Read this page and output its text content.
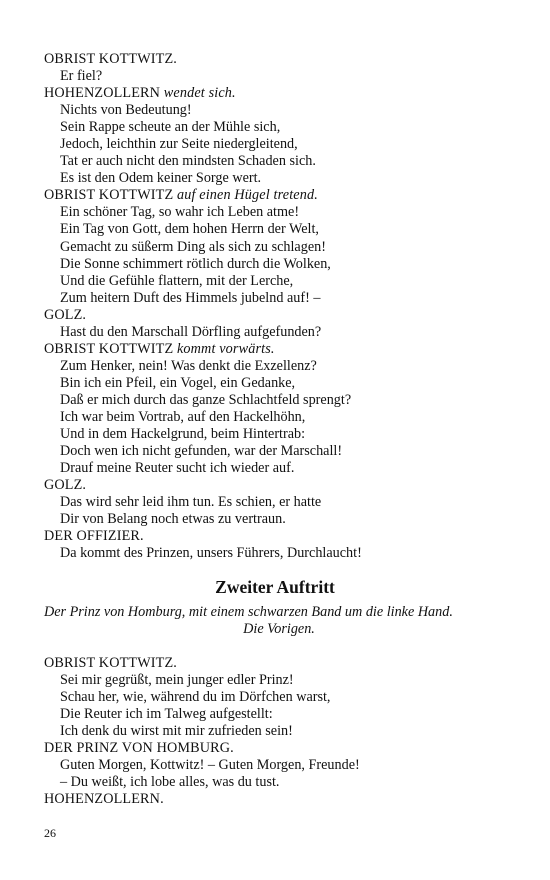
OBRIST KOTTWITZ.
Er fiel?
HOHENZOLLERN wendet sich.
Nichts von Bedeutung!
Sein Rappe scheute an der Mühle sich,
Jedoch, leichthin zur Seite niedergleitend,
Tat er auch nicht den mindsten Schaden sich.
Es ist den Odem keiner Sorge wert.
OBRIST KOTTWITZ auf einen Hügel tretend.
Ein schöner Tag, so wahr ich Leben atme!
Ein Tag von Gott, dem hohen Herrn der Welt,
Gemacht zu süßerm Ding als sich zu schlagen!
Die Sonne schimmert rötlich durch die Wolken,
Und die Gefühle flattern, mit der Lerche,
Zum heitern Duft des Himmels jubelnd auf! –
GOLZ.
Hast du den Marschall Dörfling aufgefunden?
OBRIST KOTTWITZ kommt vorwärts.
Zum Henker, nein! Was denkt die Exzellenz?
Bin ich ein Pfeil, ein Vogel, ein Gedanke,
Daß er mich durch das ganze Schlachtfeld sprengt?
Ich war beim Vortrab, auf den Hackelhöhn,
Und in dem Hackelgrund, beim Hintertrab:
Doch wen ich nicht gefunden, war der Marschall!
Drauf meine Reuter sucht ich wieder auf.
GOLZ.
Das wird sehr leid ihm tun. Es schien, er hatte
Dir von Belang noch etwas zu vertraun.
DER OFFIZIER.
Da kommt des Prinzen, unsers Führers, Durchlaucht!
Zweiter Auftritt
Der Prinz von Homburg, mit einem schwarzen Band um die linke Hand.
Die Vorigen.
OBRIST KOTTWITZ.
Sei mir gegrüßt, mein junger edler Prinz!
Schau her, wie, während du im Dörfchen warst,
Die Reuter ich im Talweg aufgestellt:
Ich denk du wirst mit mir zufrieden sein!
DER PRINZ VON HOMBURG.
Guten Morgen, Kottwitz! – Guten Morgen, Freunde!
– Du weißt, ich lobe alles, was du tust.
HOHENZOLLERN.
26
